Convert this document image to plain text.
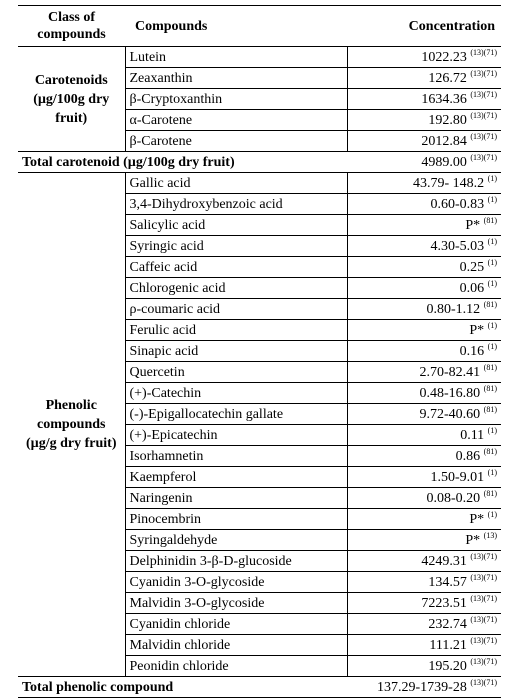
Class of compounds	Compounds	Concentration
Carotenoids (µg/100g dry fruit)	Lutein	1022.23 $^{(13)(71)}$
	Zeaxanthin	126.72 $^{(13)(71)}$
	β-Cryptoxanthin	1634.36 $^{(13)(71)}$
	α-Carotene	192.80 $^{(13)(71)}$
	β-Carotene	2012.84 $^{(13)(71)}$
Total carotenoid (µg/100g dry fruit)		4989.00 $^{(13)(71)}$
Phenolic compounds (µg/g dry fruit)	Gallic acid	43.79- 148.2 $^{(1)}$
	3,4-Dihydroxybenzoic acid	0.60-0.83 $^{(1)}$
	Salicylic acid	P* $^{(81)}$
	Syringic acid	4.30-5.03 $^{(1)}$
	Caffeic acid	0.25 $^{(1)}$
	Chlorogenic acid	0.06 $^{(1)}$
	ρ-coumaric acid	0.80-1.12 $^{(81)}$
	Ferulic acid	P* $^{(1)}$
	Sinapic acid	0.16 $^{(1)}$
	Quercetin	2.70-82.41 $^{(81)}$
	(+)-Catechin	0.48-16.80 $^{(81)}$
	(-)-Epigallocatechin gallate	9.72-40.60 $^{(81)}$
	(+)-Epicatechin	0.11 $^{(1)}$
	Isorhamnetin	0.86 $^{(81)}$
	Kaempferol	1.50-9.01 $^{(1)}$
	Naringenin	0.08-0.20 $^{(81)}$
	Pinocembrin	P* $^{(1)}$
	Syringaldehyde	P* $^{(13)}$
	Delphinidin 3-β-D-glucoside	4249.31 $^{(13)(71)}$
	Cyanidin 3-O-glycoside	134.57 $^{(13)(71)}$
	Malvidin 3-O-glycoside	7223.51 $^{(13)(71)}$
	Cyanidin chloride	232.74 $^{(13)(71)}$
	Malvidin chloride	111.21 $^{(13)(71)}$
	Peonidin chloride	195.20 $^{(13)(71)}$
Total phenolic compound		137.29-1739-28 $^{(13)(71)}$
